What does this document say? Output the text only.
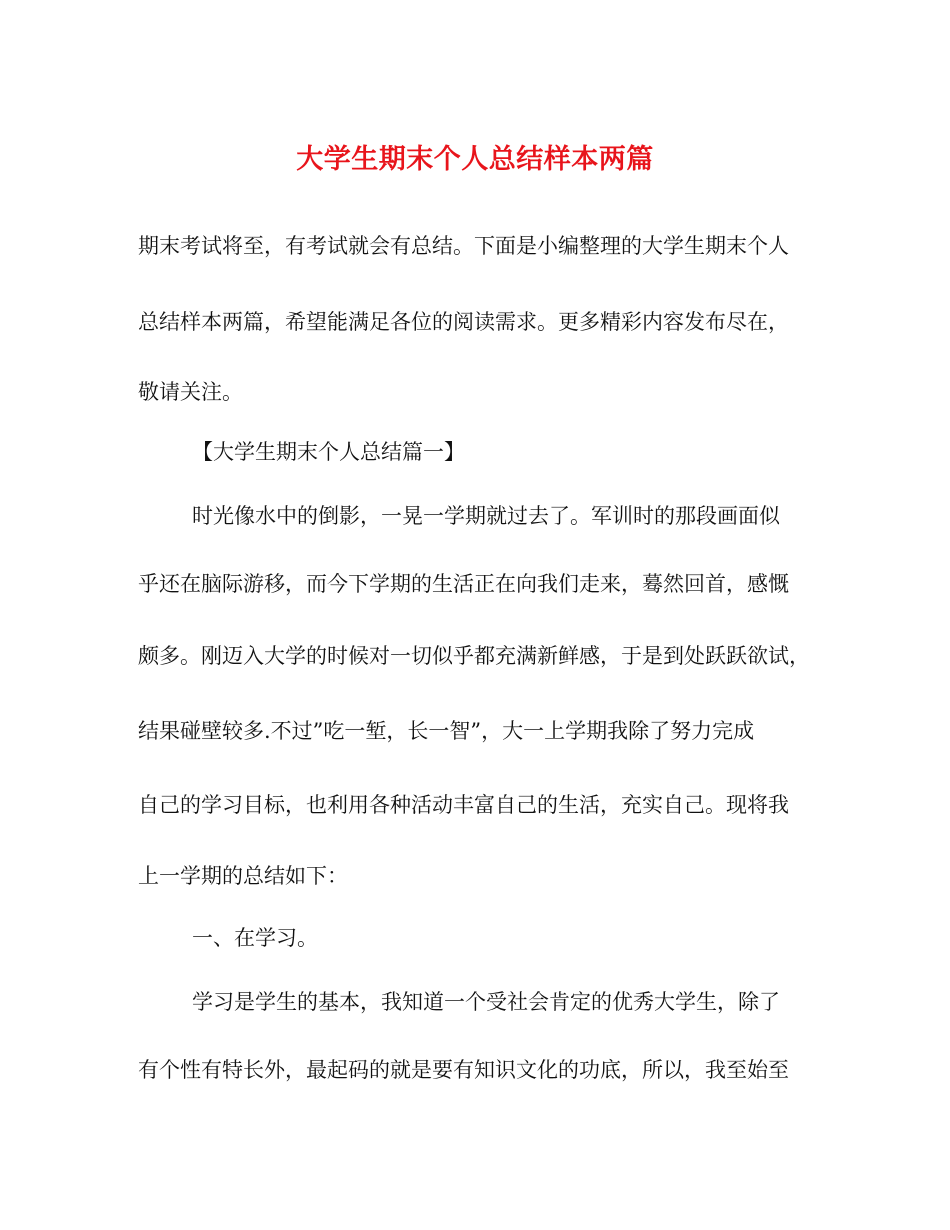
大学生期末个人总结样本两篇
期末考试将至，有考试就会有总结。下面是小编整理的大学生期末个人
总结样本两篇，希望能满足各位的阅读需求。更多精彩内容发布尽在，
敬请关注。
【大学生期末个人总结篇一】
时光像水中的倒影，一晃一学期就过去了。军训时的那段画面似
乎还在脑际游移，而今下学期的生活正在向我们走来，蓦然回首，感慨
颇多。刚迈入大学的时候对一切似乎都充满新鲜感，于是到处跃跃欲试，
结果碰壁较多.不过”吃一堑，长一智”，大一上学期我除了努力完成
自己的学习目标，也利用各种活动丰富自己的生活，充实自己。现将我
上一学期的总结如下：
一、在学习。
学习是学生的基本，我知道一个受社会肯定的优秀大学生，除了
有个性有特长外，最起码的就是要有知识文化的功底，所以，我至始至
